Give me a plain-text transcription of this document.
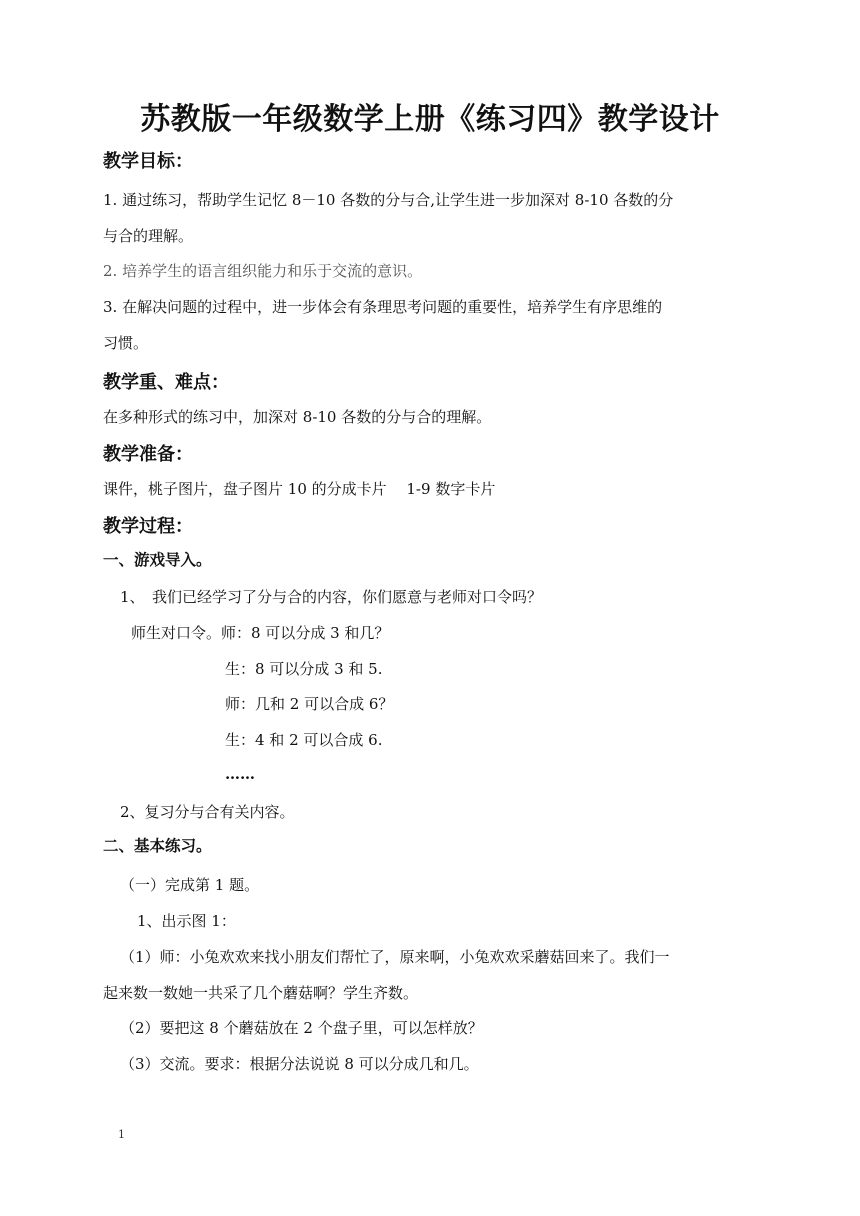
苏教版一年级数学上册《练习四》教学设计
教学目标：
1. 通过练习，帮助学生记忆 8－10 各数的分与合,让学生进一步加深对 8-10 各数的分
与合的理解。
2. 培养学生的语言组织能力和乐于交流的意识。
3. 在解决问题的过程中，进一步体会有条理思考问题的重要性，培养学生有序思维的
习惯。
教学重、难点：
在多种形式的练习中，加深对 8-10 各数的分与合的理解。
教学准备：
课件，桃子图片，盘子图片 10 的分成卡片　 1-9 数字卡片
教学过程：
一、游戏导入。
1、　我们已经学习了分与合的内容，你们愿意与老师对口令吗？
师生对口令。师：8 可以分成 3 和几？
生：8 可以分成 3 和 5.
师：几和 2 可以合成 6？
生：4 和 2 可以合成 6.
……
2、复习分与合有关内容。
二、基本练习。
（一）完成第 1 题。
1、出示图 1：
（1）师：小兔欢欢来找小朋友们帮忙了，原来啊，小兔欢欢采蘑菇回来了。我们一
起来数一数她一共采了几个蘑菇啊？学生齐数。
（2）要把这 8 个蘑菇放在 2 个盘子里，可以怎样放？
（3）交流。要求：根据分法说说 8 可以分成几和几。
1
